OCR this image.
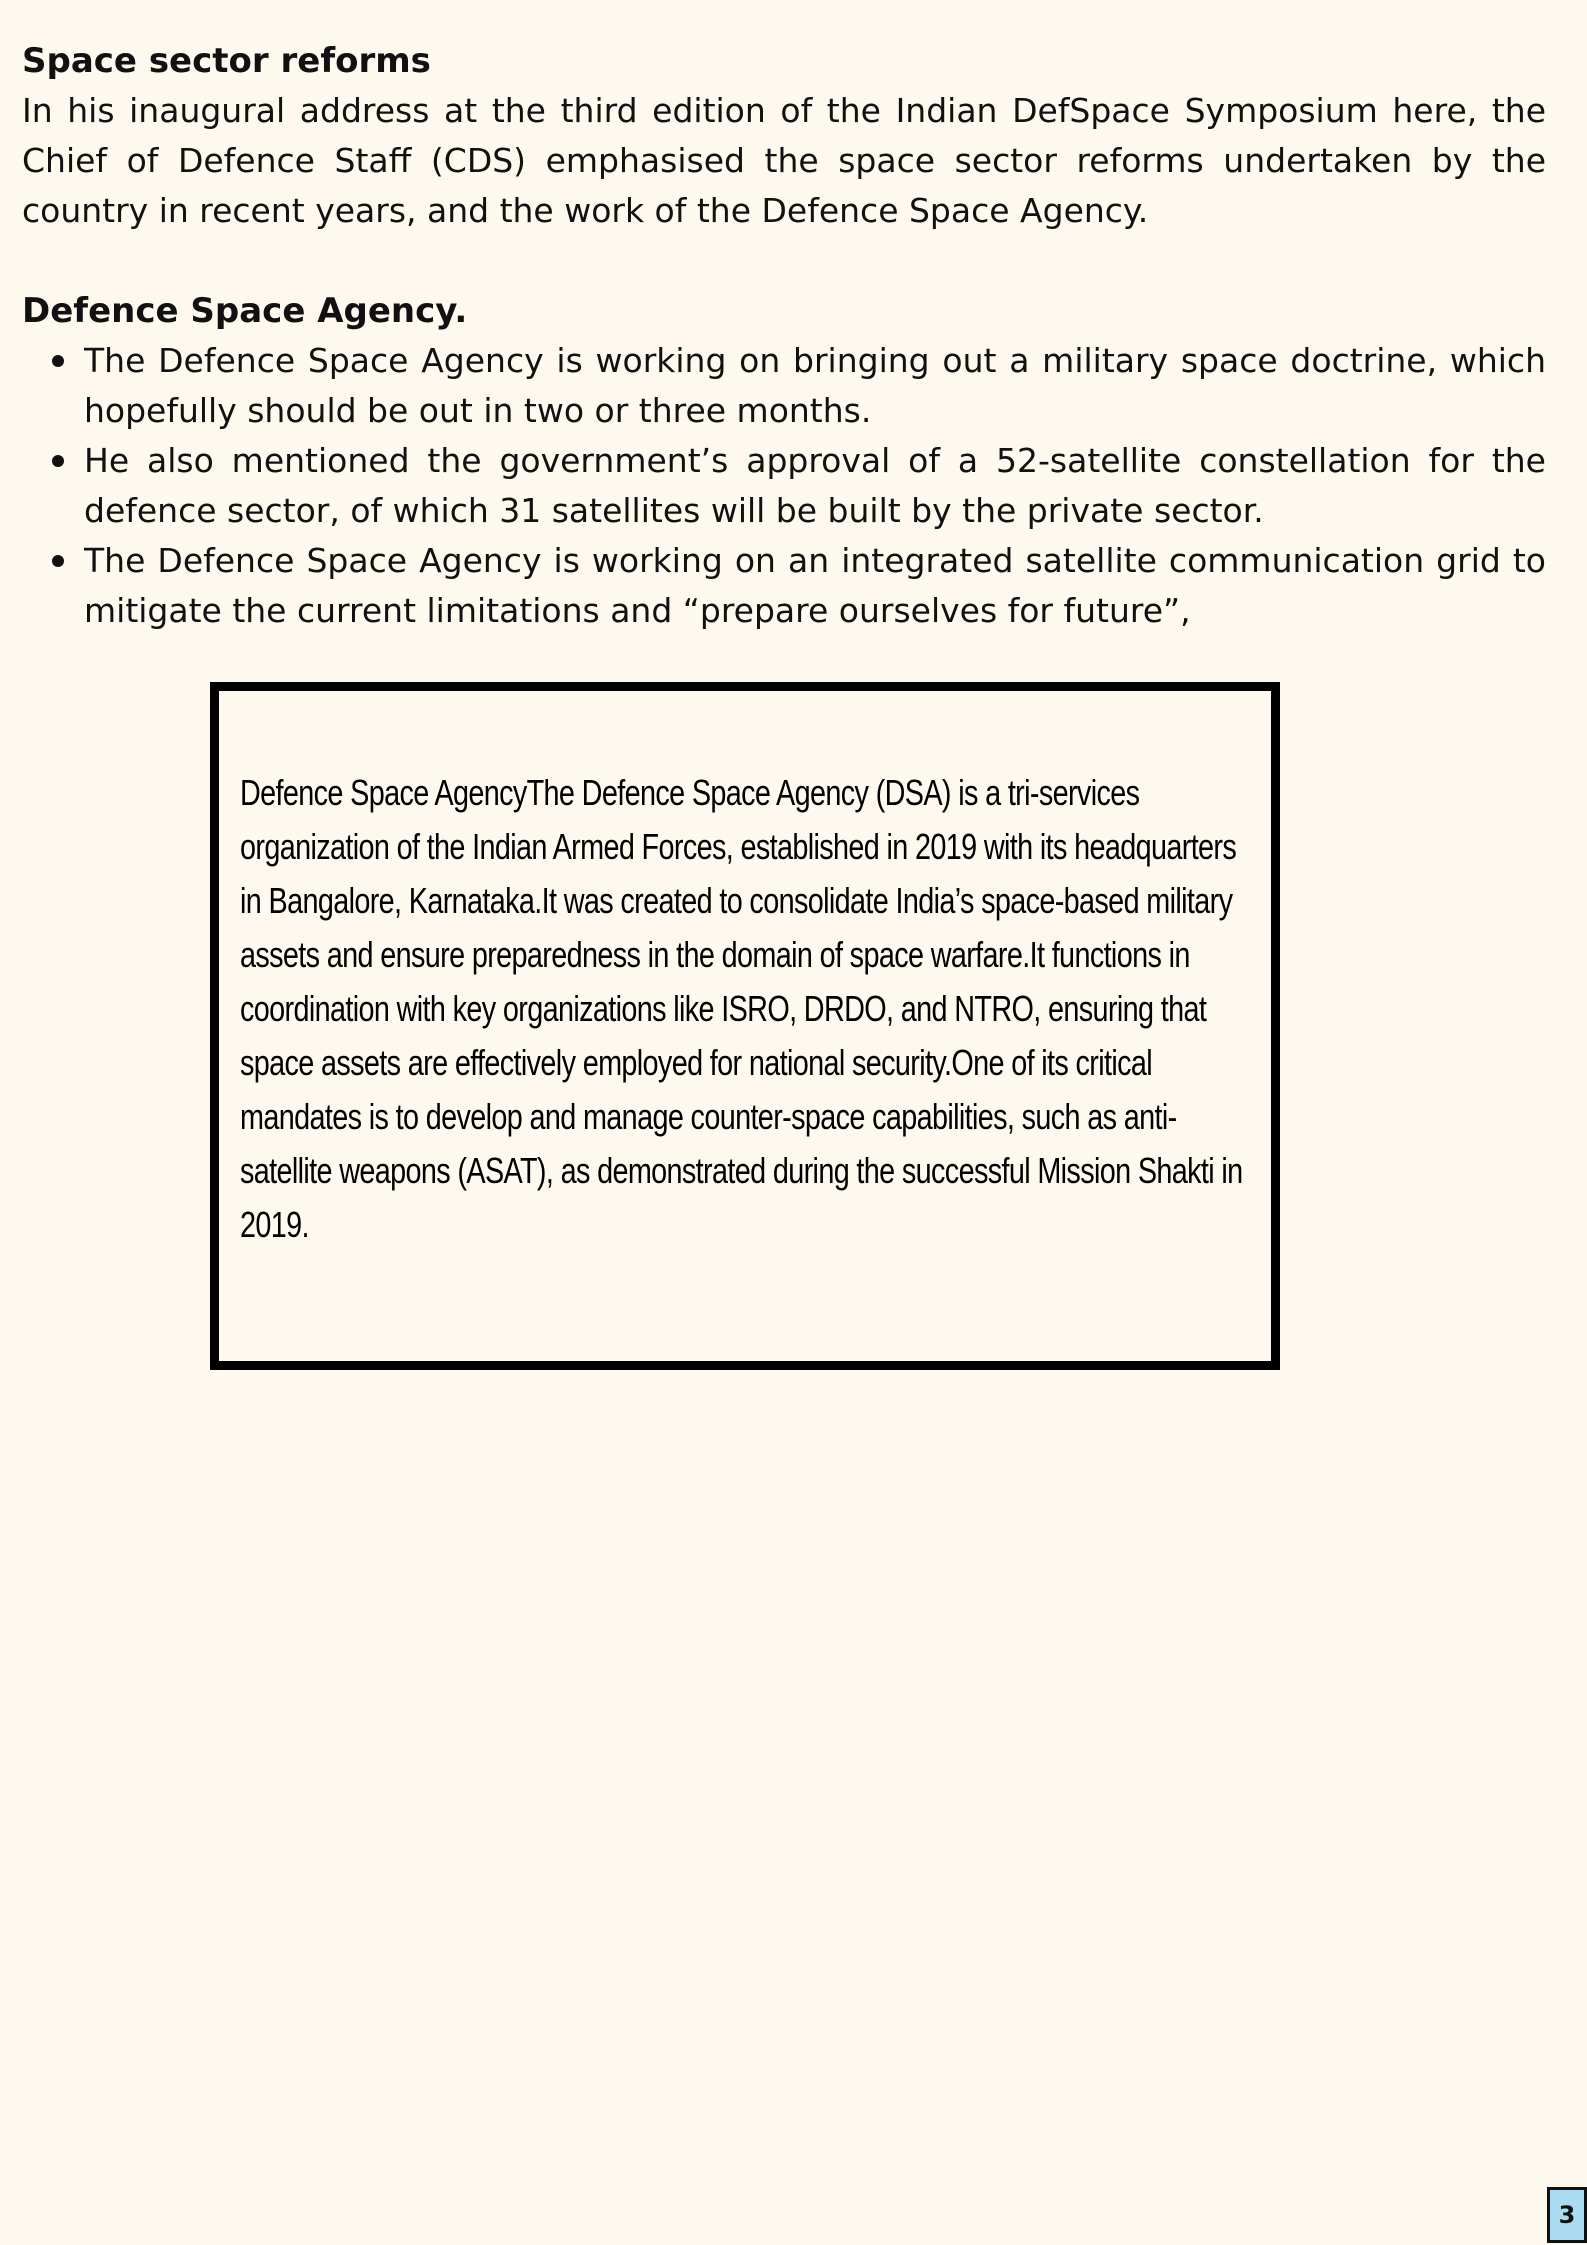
Space sector reforms

In his inaugural address at the third edition of the Indian DefSpace Symposium here, the Chief of Defence Staff (CDS) emphasised the space sector reforms undertaken by the country in recent years, and the work of the Defence Space Agency.

Defence Space Agency.
The Defence Space Agency is working on bringing out a military space doctrine, which hopefully should be out in two or three months.
He also mentioned the government’s approval of a 52-satellite constellation for the defence sector, of which 31 satellites will be built by the private sector.
The Defence Space Agency is working on an integrated satellite communication grid to mitigate the current limitations and “prepare ourselves for future”,

Defence Space AgencyThe Defence Space Agency (DSA) is a tri-services organization of the Indian Armed Forces, established in 2019 with its headquarters in Bangalore, Karnataka.It was created to consolidate India’s space-based military assets and ensure preparedness in the domain of space warfare.It functions in coordination with key organizations like ISRO, DRDO, and NTRO, ensuring that space assets are effectively employed for national security.One of its critical mandates is to develop and manage counter-space capabilities, such as anti-satellite weapons (ASAT), as demonstrated during the successful Mission Shakti in 2019.

3
